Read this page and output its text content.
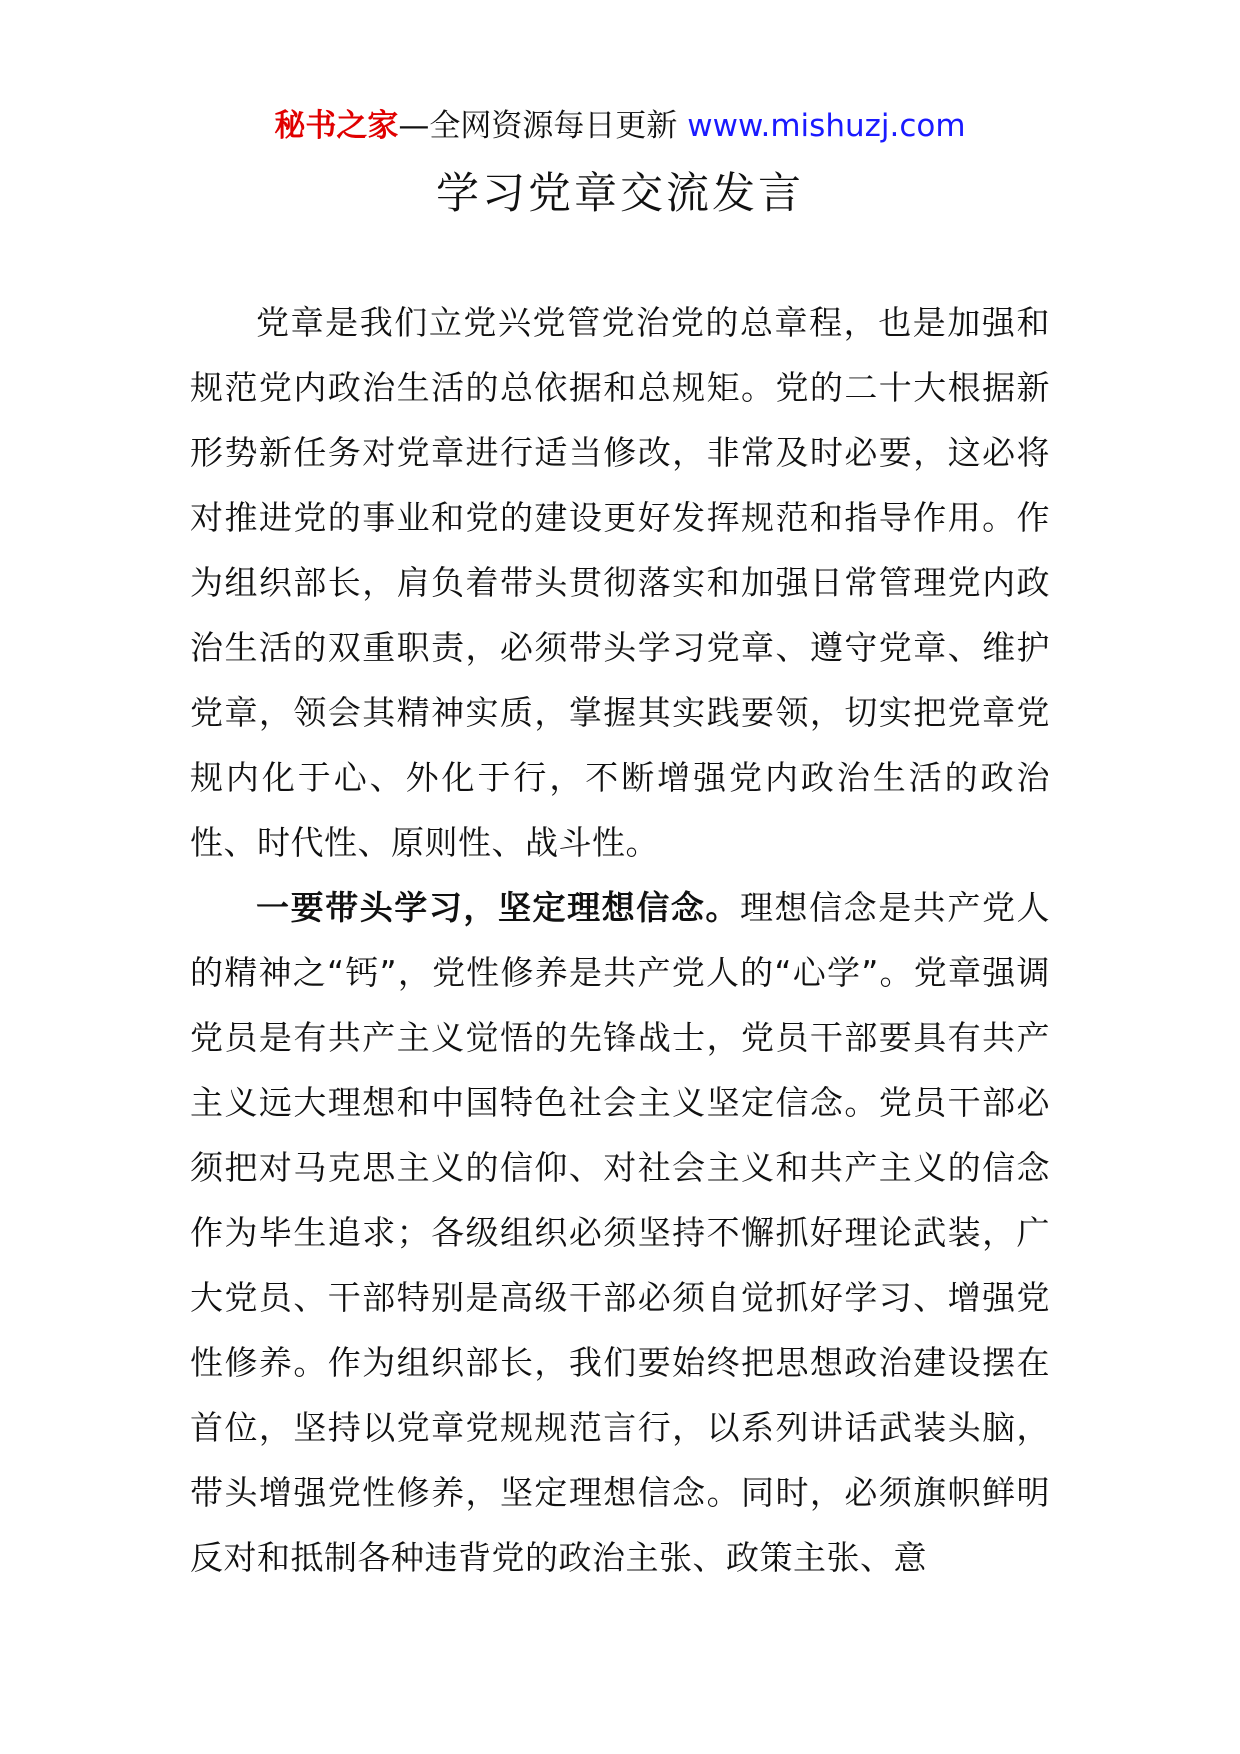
秘书之家—全网资源每日更新 www.mishuzj.com
学习党章交流发言

党章是我们立党兴党管党治党的总章程，也是加强和规范党内政治生活的总依据和总规矩。党的二十大根据新形势新任务对党章进行适当修改，非常及时必要，这必将对推进党的事业和党的建设更好发挥规范和指导作用。作为组织部长，肩负着带头贯彻落实和加强日常管理党内政治生活的双重职责，必须带头学习党章、遵守党章、维护党章，领会其精神实质，掌握其实践要领，切实把党章党规内化于心、外化于行，不断增强党内政治生活的政治性、时代性、原则性、战斗性。

一要带头学习，坚定理想信念。理想信念是共产党人的精神之“钙”，党性修养是共产党人的“心学”。党章强调党员是有共产主义觉悟的先锋战士，党员干部要具有共产主义远大理想和中国特色社会主义坚定信念。党员干部必须把对马克思主义的信仰、对社会主义和共产主义的信念作为毕生追求；各级组织必须坚持不懈抓好理论武装，广大党员、干部特别是高级干部必须自觉抓好学习、增强党性修养。作为组织部长，我们要始终把思想政治建设摆在首位，坚持以党章党规规范言行，以系列讲话武装头脑，带头增强党性修养，坚定理想信念。同时，必须旗帜鲜明反对和抵制各种违背党的政治主张、政策主张、意
